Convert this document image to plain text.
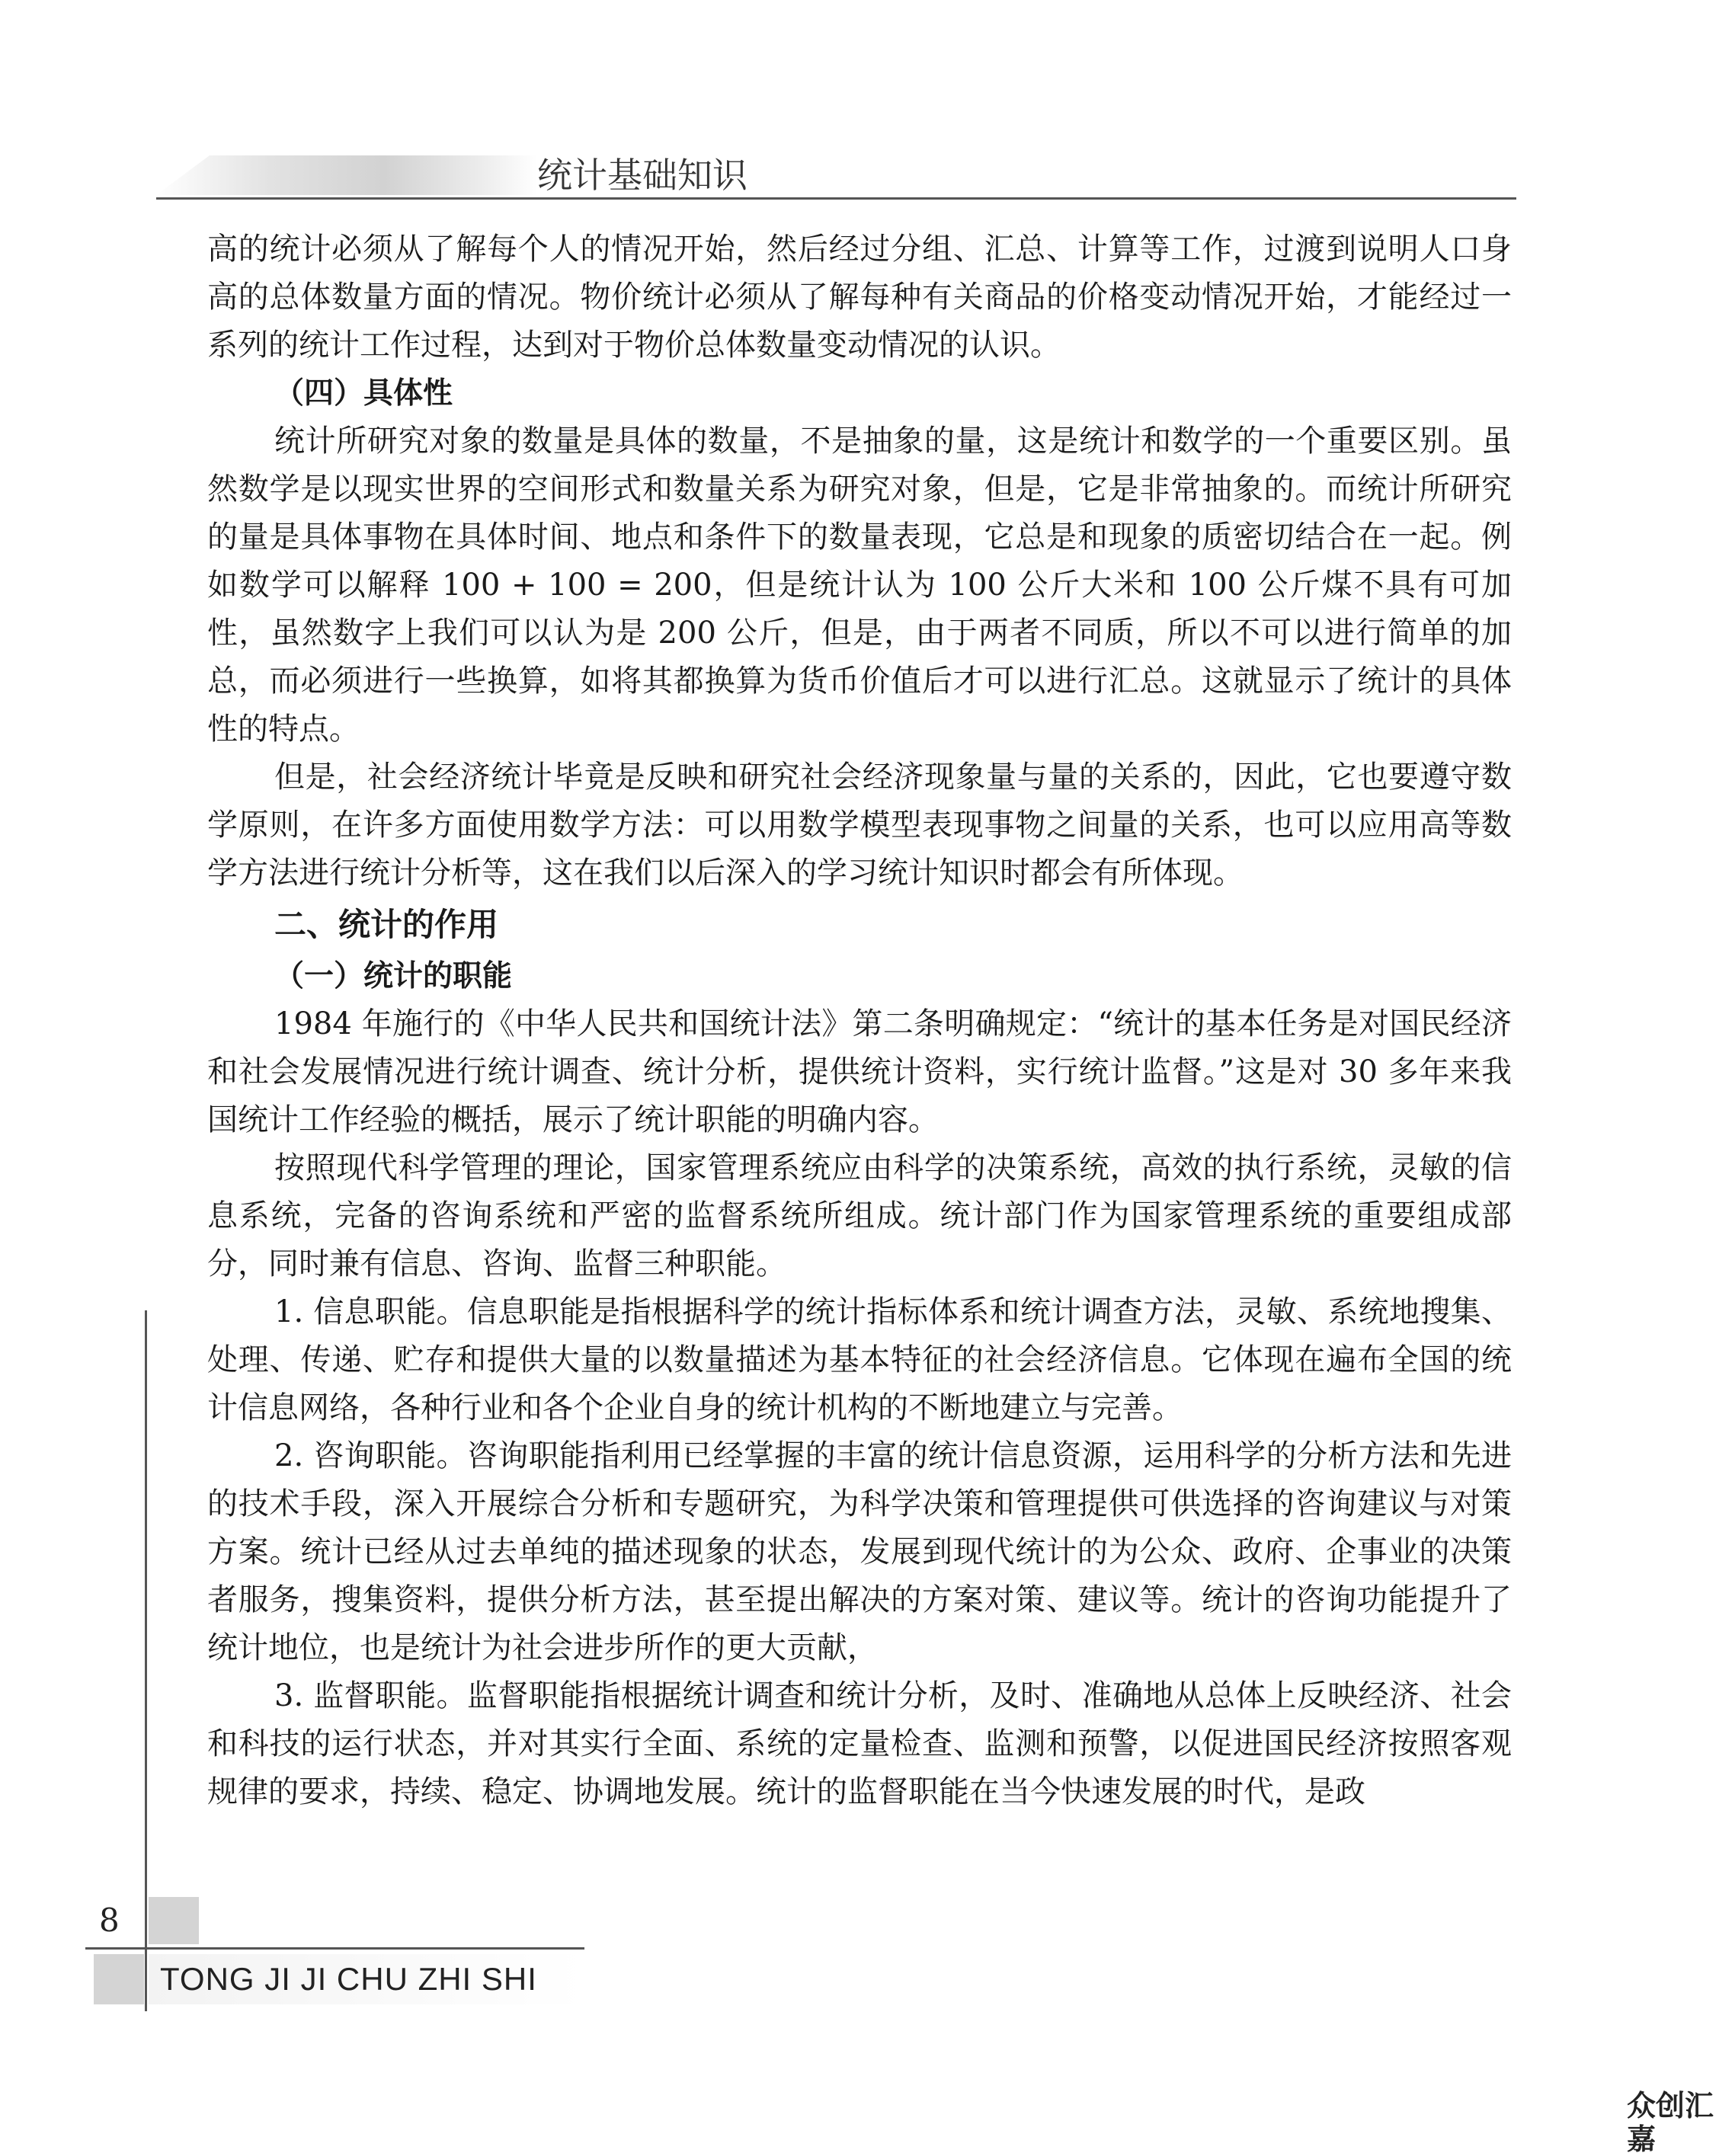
统计基础知识

高的统计必须从了解每个人的情况开始，然后经过分组、汇总、计算等工作，过渡到说明人口身高的总体数量方面的情况。物价统计必须从了解每种有关商品的价格变动情况开始，才能经过一系列的统计工作过程，达到对于物价总体数量变动情况的认识。

（四）具体性

统计所研究对象的数量是具体的数量，不是抽象的量，这是统计和数学的一个重要区别。虽然数学是以现实世界的空间形式和数量关系为研究对象，但是，它是非常抽象的。而统计所研究的量是具体事物在具体时间、地点和条件下的数量表现，它总是和现象的质密切结合在一起。例如数学可以解释 100 + 100 = 200，但是统计认为 100 公斤大米和 100 公斤煤不具有可加性，虽然数字上我们可以认为是 200 公斤，但是，由于两者不同质，所以不可以进行简单的加总，而必须进行一些换算，如将其都换算为货币价值后才可以进行汇总。这就显示了统计的具体性的特点。

但是，社会经济统计毕竟是反映和研究社会经济现象量与量的关系的，因此，它也要遵守数学原则，在许多方面使用数学方法：可以用数学模型表现事物之间量的关系，也可以应用高等数学方法进行统计分析等，这在我们以后深入的学习统计知识时都会有所体现。

二、统计的作用

（一）统计的职能

1984 年施行的《中华人民共和国统计法》第二条明确规定：“统计的基本任务是对国民经济和社会发展情况进行统计调查、统计分析，提供统计资料，实行统计监督。”这是对 30 多年来我国统计工作经验的概括，展示了统计职能的明确内容。

按照现代科学管理的理论，国家管理系统应由科学的决策系统，高效的执行系统，灵敏的信息系统，完备的咨询系统和严密的监督系统所组成。统计部门作为国家管理系统的重要组成部分，同时兼有信息、咨询、监督三种职能。

1. 信息职能。信息职能是指根据科学的统计指标体系和统计调查方法，灵敏、系统地搜集、处理、传递、贮存和提供大量的以数量描述为基本特征的社会经济信息。它体现在遍布全国的统计信息网络，各种行业和各个企业自身的统计机构的不断地建立与完善。

2. 咨询职能。咨询职能指利用已经掌握的丰富的统计信息资源，运用科学的分析方法和先进的技术手段，深入开展综合分析和专题研究，为科学决策和管理提供可供选择的咨询建议与对策方案。统计已经从过去单纯的描述现象的状态，发展到现代统计的为公众、政府、企事业的决策者服务，搜集资料，提供分析方法，甚至提出解决的方案对策、建议等。统计的咨询功能提升了统计地位，也是统计为社会进步所作的更大贡献，

3. 监督职能。监督职能指根据统计调查和统计分析，及时、准确地从总体上反映经济、社会和科技的运行状态，并对其实行全面、系统的定量检查、监测和预警，以促进国民经济按照客观规律的要求，持续、稳定、协调地发展。统计的监督职能在当今快速发展的时代，是政

8
TONG JI JI CHU ZHI SHI
众创汇嘉
